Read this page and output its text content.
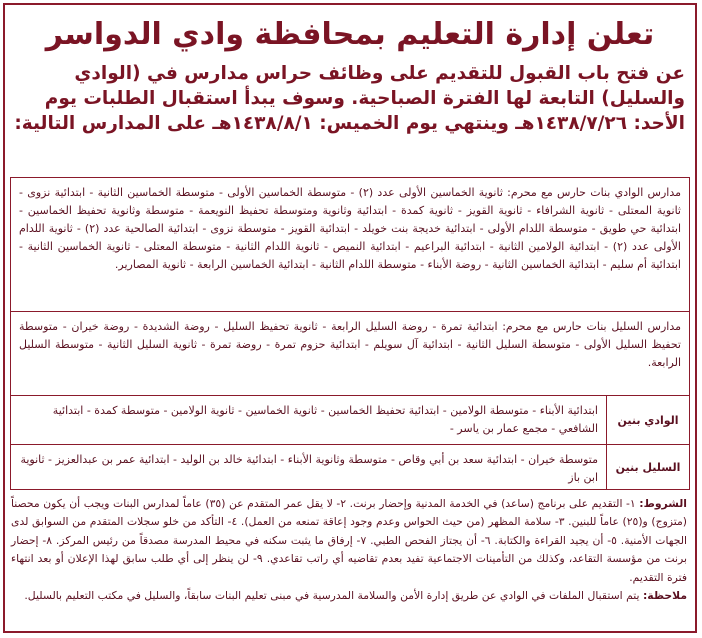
تعلن إدارة التعليم بمحافظة وادي الدواسر
عن فتح باب القبول للتقديم على وظائف حراس مدارس في (الوادي والسليل) التابعة لها الفترة الصباحية. وسوف يبدأ استقبال الطلبات يوم الأحد: ١٤٣٨/٧/٢٦هـ وينتهي يوم الخميس: ١٤٣٨/٨/١هـ على المدارس التالية:
مدارس الوادي بنات حارس مع محرم: ثانوية الخماسين الأولى عدد (٢) - متوسطة الخماسين الأولى - متوسطة الخماسين الثانية - ابتدائية نزوى - ثانوية المعتلى - ثانوية الشرافاء - ثانوية القويز - ثانوية كمدة - ابتدائية وثانوية ومتوسطة تحفيظ النويعمة - متوسطة وثانوية تحفيظ الخماسين - ابتدائية حي طويق - متوسطة اللدام الأولى - ابتدائية خديجة بنت خويلد - ابتدائية القويز - متوسطة نزوى - ابتدائية الصالحية عدد (٢) - ثانوية اللدام الأولى عدد (٢) - ابتدائية الولامين الثانية - ابتدائية البراعيم - ابتدائية النميص - ثانوية اللدام الثانية - متوسطة المعتلى - ثانوية الخماسين الثانية - ابتدائية أم سليم - ابتدائية الخماسين الثانية - روضة الأبناء - متوسطة اللدام الثانية - ابتدائية الخماسين الرابعة - ثانوية المصارير.
مدارس السليل بنات حارس مع محرم: ابتدائية تمرة - روضة السليل الرابعة - ثانوية تحفيظ السليل - روضة الشديدة - روضة خيران - متوسطة تحفيظ السليل الأولى - متوسطة السليل الثانية - ابتدائية آل سويلم - ابتدائية حزوم تمرة - روضة تمرة - ثانوية السليل الثانية - متوسطة السليل الرابعة.
الوادي بنين
ابتدائية الأبناء - متوسطة الولامين - ابتدائية تحفيظ الخماسين - ثانوية الخماسين - ثانوية الولامين - متوسطة كمدة - ابتدائية الشافعي - مجمع عمار بن ياسر -
السليل بنين
متوسطة خيران - ابتدائية سعد بن أبي وقاص - متوسطة وثانوية الأبناء - ابتدائية خالد بن الوليد - ابتدائية عمر بن عبدالعزيز - ثانوية ابن باز
الشروط: ١- التقديم على برنامج (ساعد) في الخدمة المدنية وإحضار برنت. ٢- لا يقل عمر المتقدم عن (٣٥) عاماً لمدارس البنات ويجب أن يكون محصناً (متزوج) و(٢٥) عاماً للبنين. ٣- سلامة المظهر (من حيث الحواس وعدم وجود إعاقة تمنعه من العمل). ٤- التأكد من خلو سجلات المتقدم من السوابق لدى الجهات الأمنية. ٥- أن يجيد القراءة والكتابة. ٦- أن يجتاز الفحص الطبي. ٧- إرفاق ما يثبت سكنه في محيط المدرسة مصدقاً من رئيس المركز. ٨- إحضار برنت من مؤسسة التقاعد، وكذلك من التأمينات الاجتماعية تفيد بعدم تقاضيه أي راتب تقاعدي. ٩- لن ينظر إلى أي طلب سابق لهذا الإعلان أو بعد انتهاء فترة التقديم.
ملاحظة: يتم استقبال الملفات في الوادي عن طريق إدارة الأمن والسلامة المدرسية في مبنى تعليم البنات سابقاً، والسليل في مكتب التعليم بالسليل.
